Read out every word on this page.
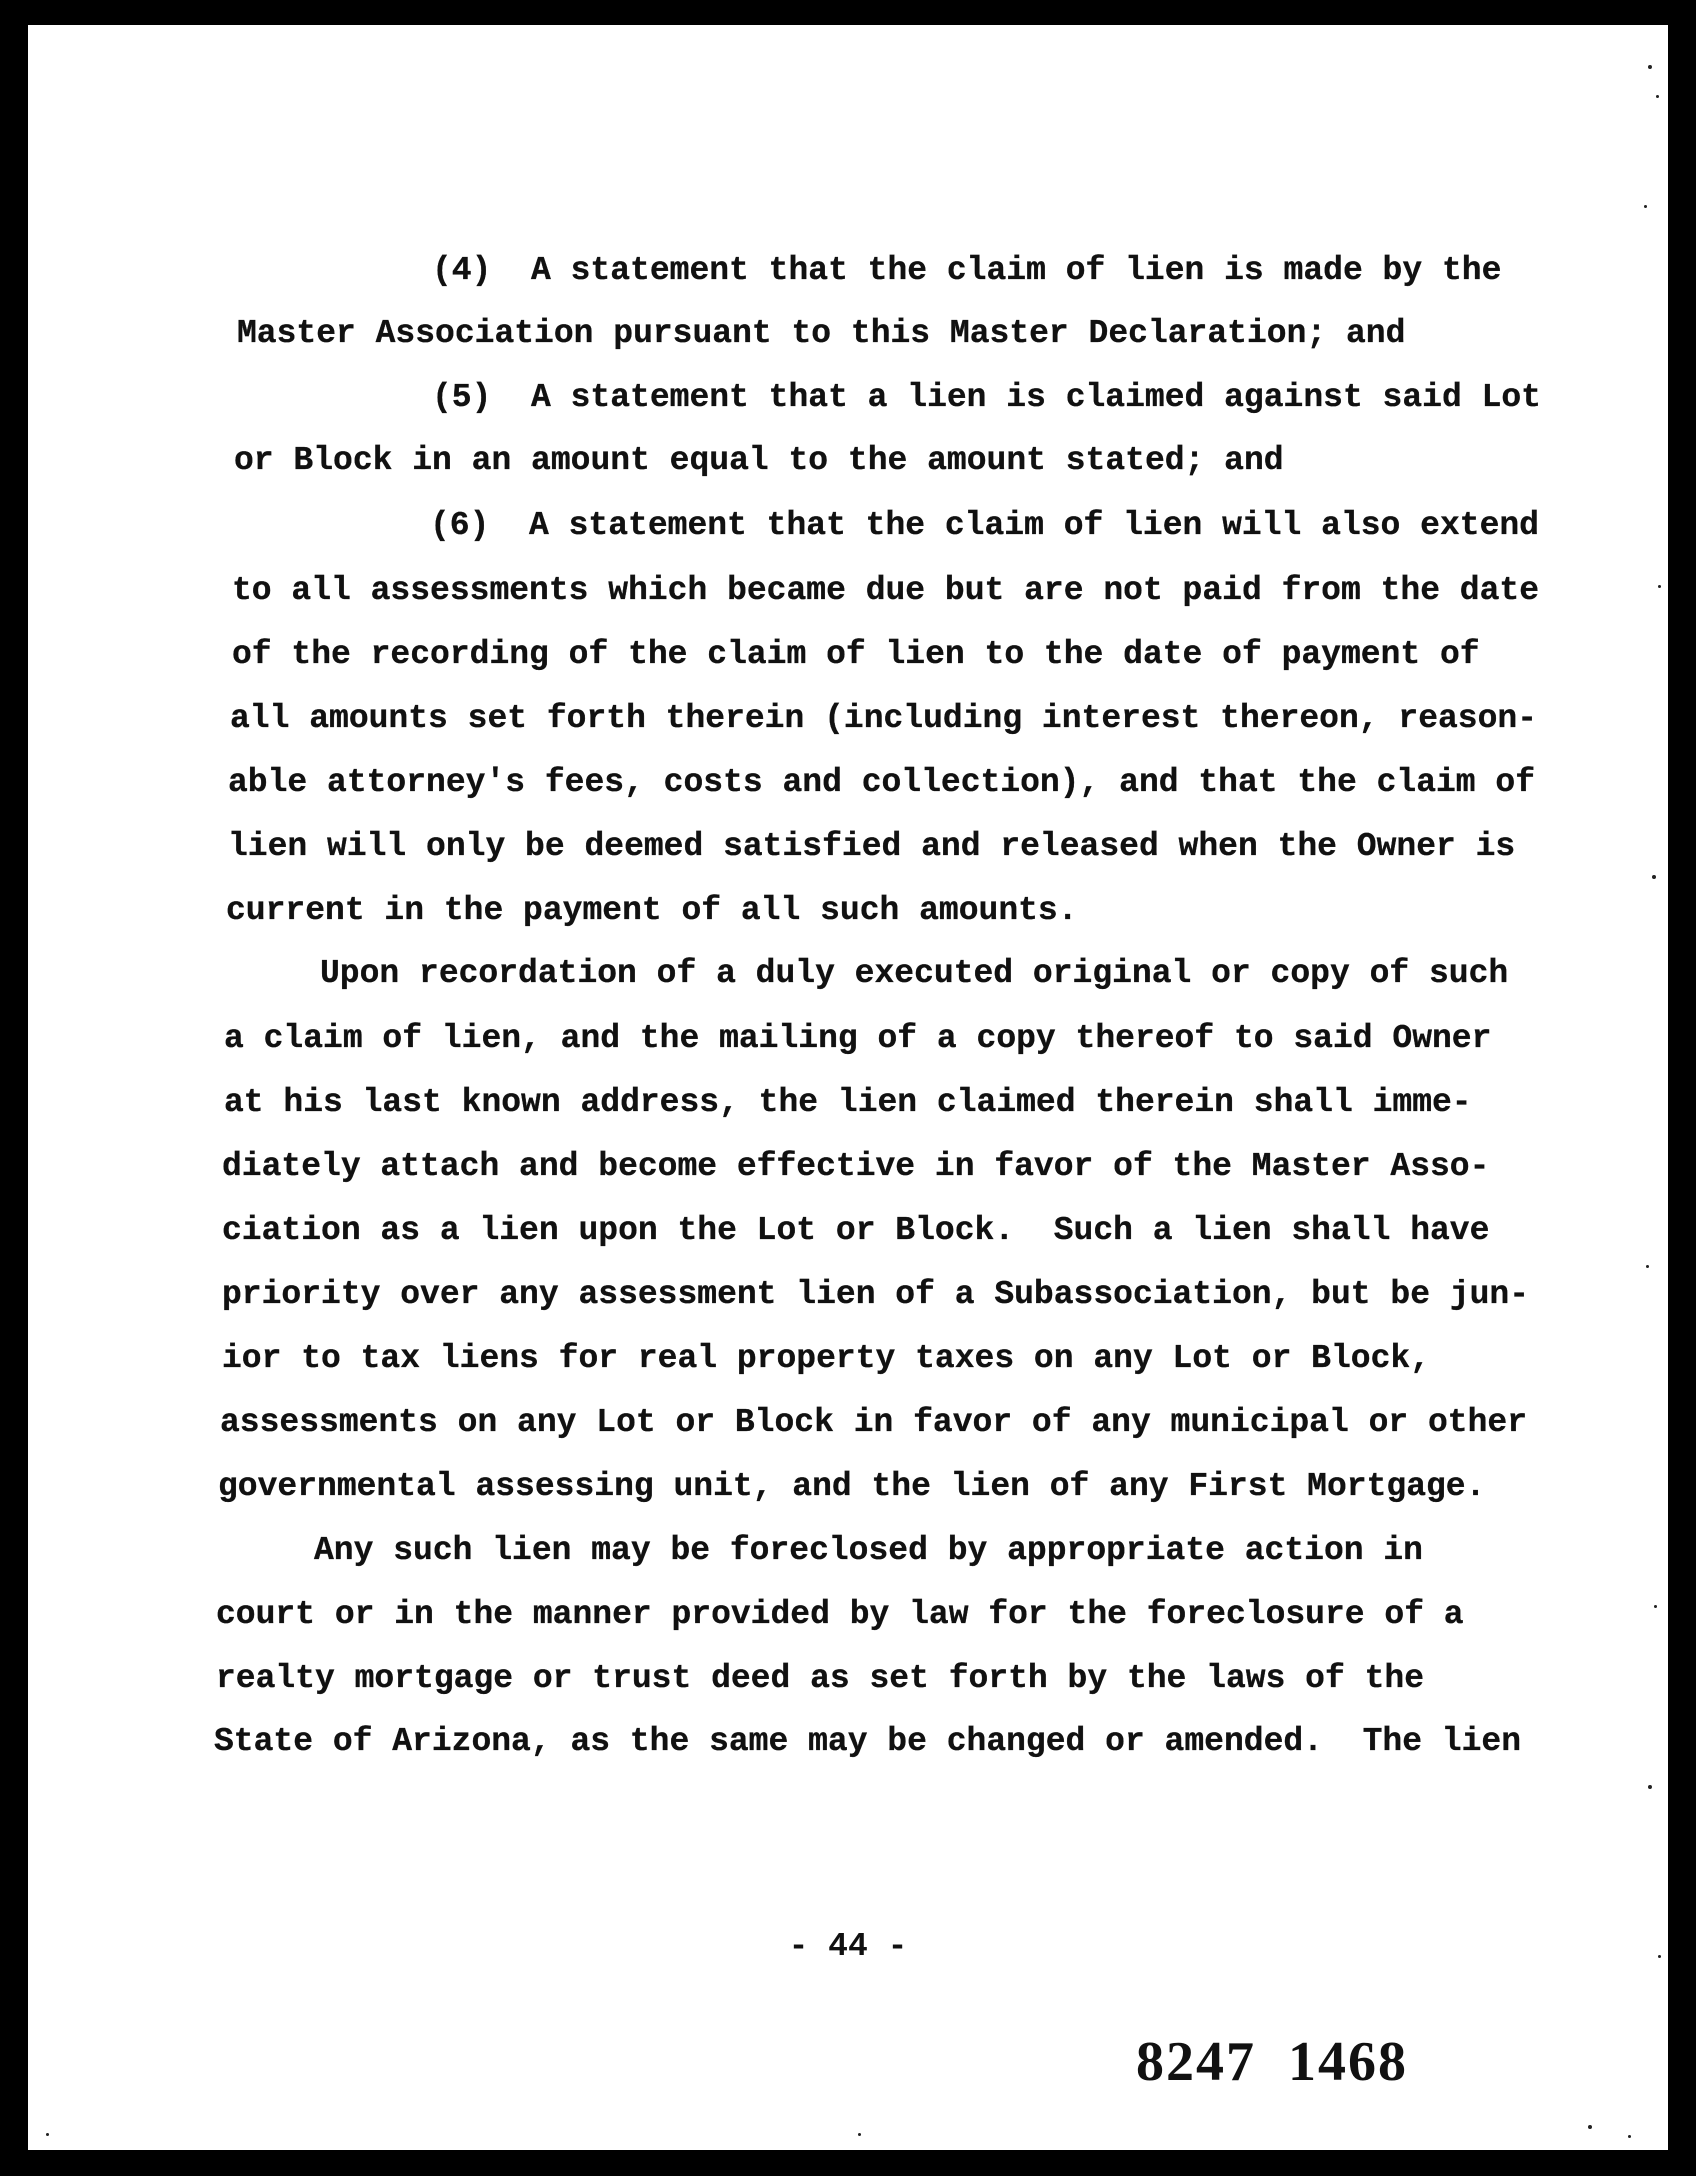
(4)  A statement that the claim of lien is made by the
Master Association pursuant to this Master Declaration; and
(5)  A statement that a lien is claimed against said Lot
or Block in an amount equal to the amount stated; and
(6)  A statement that the claim of lien will also extend
to all assessments which became due but are not paid from the date
of the recording of the claim of lien to the date of payment of
all amounts set forth therein (including interest thereon, reason-
able attorney's fees, costs and collection), and that the claim of
lien will only be deemed satisfied and released when the Owner is
current in the payment of all such amounts.
Upon recordation of a duly executed original or copy of such
a claim of lien, and the mailing of a copy thereof to said Owner
at his last known address, the lien claimed therein shall imme-
diately attach and become effective in favor of the Master Asso-
ciation as a lien upon the Lot or Block.  Such a lien shall have
priority over any assessment lien of a Subassociation, but be jun-
ior to tax liens for real property taxes on any Lot or Block,
assessments on any Lot or Block in favor of any municipal or other
governmental assessing unit, and the lien of any First Mortgage.
Any such lien may be foreclosed by appropriate action in
court or in the manner provided by law for the foreclosure of a
realty mortgage or trust deed as set forth by the laws of the
State of Arizona, as the same may be changed or amended.  The lien
- 44 -
8247  1468
